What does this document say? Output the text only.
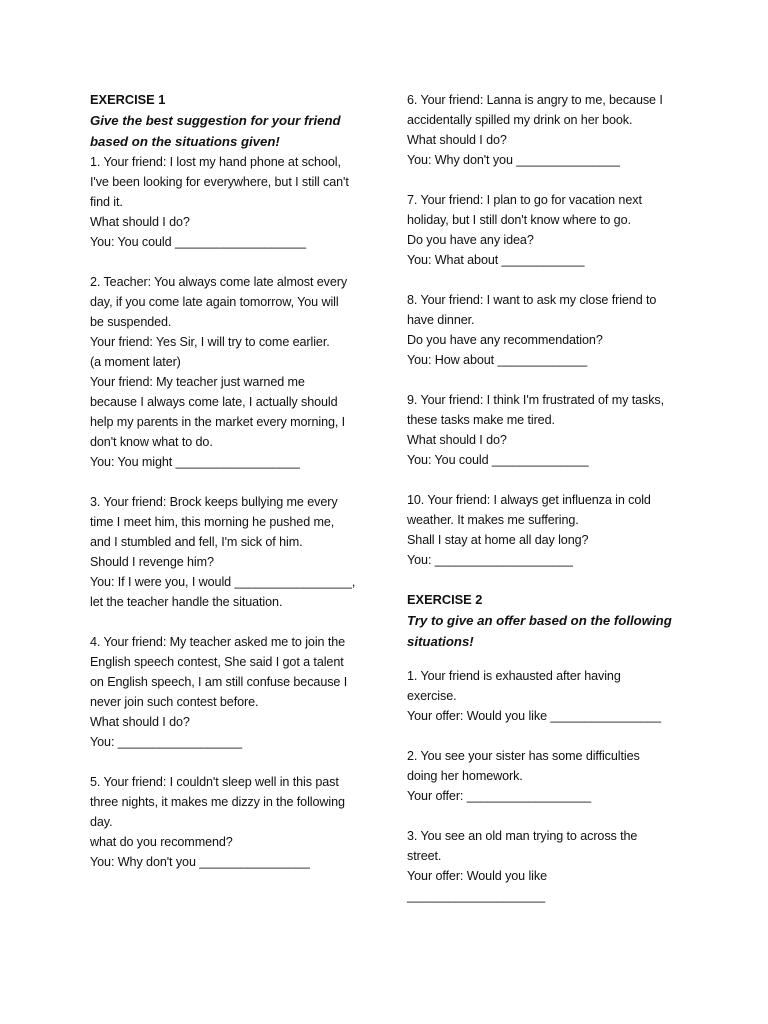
EXERCISE 1
Give the best suggestion for your friend
based on the situations given!
1. Your friend: I lost my hand phone at school,
I've been looking for everywhere, but I still can't
find it.
What should I do?
You: You could ___________________
2. Teacher: You always come late almost every
day, if you come late again tomorrow, You will
be suspended.
Your friend: Yes Sir, I will try to come earlier.
(a moment later)
Your friend: My teacher just warned me
because I always come late, I actually should
help my parents in the market every morning, I
don't know what to do.
You: You might __________________
3. Your friend: Brock keeps bullying me every
time I meet him, this morning he pushed me,
and I stumbled and fell, I'm sick of him.
Should I revenge him?
You: If I were you, I would _________________,
let the teacher handle the situation.
4. Your friend: My teacher asked me to join the
English speech contest, She said I got a talent
on English speech, I am still confuse because I
never join such contest before.
What should I do?
You: __________________
5. Your friend: I couldn't sleep well in this past
three nights, it makes me dizzy in the following
day.
what do you recommend?
You: Why don't you ________________
6. Your friend: Lanna is angry to me, because I
accidentally spilled my drink on her book.
What should I do?
You: Why don't you _______________
7. Your friend: I plan to go for vacation next
holiday, but I still don't know where to go.
Do you have any idea?
You: What about ____________
8. Your friend: I want to ask my close friend to
have dinner.
Do you have any recommendation?
You: How about _____________
9. Your friend: I think I'm frustrated of my tasks,
these tasks make me tired.
What should I do?
You: You could ______________
10. Your friend: I always get influenza in cold
weather. It makes me suffering.
Shall I stay at home all day long?
You: ____________________
EXERCISE 2
Try to give an offer based on the following
situations!
1. Your friend is exhausted after having
exercise.
Your offer: Would you like ________________
2. You see your sister has some difficulties
doing her homework.
Your offer: __________________
3. You see an old man trying to across the
street.
Your offer: Would you like
____________________
